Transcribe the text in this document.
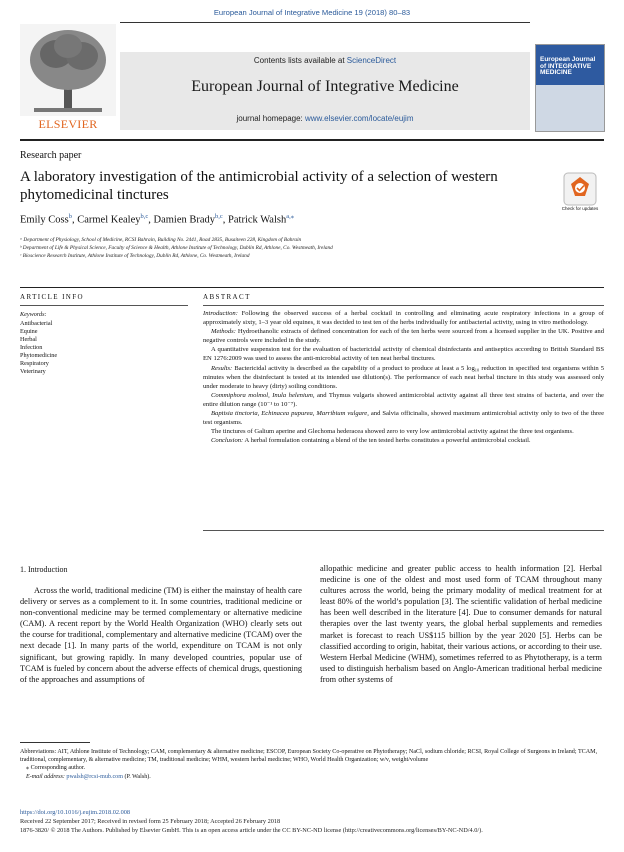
European Journal of Integrative Medicine 19 (2018) 80–83
ELSEVIER
Contents lists available at ScienceDirect
European Journal of Integrative Medicine
journal homepage: www.elsevier.com/locate/eujim
European Journal of INTEGRATIVE MEDICINE
Research paper
A laboratory investigation of the antimicrobial activity of a selection of western phytomedicinal tinctures
Check for updates
Emily Coss$^b$, Carmel Kealey$^{b,c}$, Damien Brady$^{b,c}$, Patrick Walsh$^{a,⁎}$
ᵃ Department of Physiology, School of Medicine, RCSI Bahrain, Building No. 2441, Road 2835, Busaiteen 228, Kingdom of Bahrain
ᵇ Department of Life & Physical Science, Faculty of Science & Health, Athlone Institute of Technology, Dublin Rd, Athlone, Co. Westmeath, Ireland
ᶜ Bioscience Research Institute, Athlone Institute of Technology, Dublin Rd, Athlone, Co. Westmeath, Ireland
ARTICLE INFO
Keywords:
Antibacterial
Equine
Herbal
Infection
Phytomedicine
Respiratory
Veterinary
ABSTRACT

Introduction: Following the observed success of a herbal cocktail in controlling and eliminating acute respiratory infections in a group of approximately sixty, 1–3 year old equines, it was decided to test ten of the herbs individually for antibacterial activity, using in vitro methodology.

Methods: Hydroethanolic extracts of defined concentration for each of the ten herbs were sourced from a licensed supplier in the UK. Positive and negative controls were included in the study.

A quantitative suspension test for the evaluation of bactericidal activity of chemical disinfectants and antiseptics according to British Standard BS EN 1276:2009 was used to assess the anti-microbial activity of ten neat herbal tinctures.

Results: Bactericidal activity is described as the capability of a product to produce at least a 5 log₁₀ reduction in specified test organisms within 5 minutes when the disinfectant is tested at its intended use dilution(s). The performance of each neat herbal tincture in this study was assessed only under moderate to heavy (dirty) soiling conditions.

Commiphora molmol, Inula helenium, and Thymus vulgaris showed antimicrobial activity against all three test strains of bacteria, and over the entire dilution range (10⁻¹ to 10⁻⁷).

Baptisia tinctoria, Echinacea pupurea, Marribium vulgare, and Salvia officinalis, showed maximum antimicrobial activity only to two of the three test organisms.

The tinctures of Galium aperine and Glechoma hederacea showed zero to very low antimicrobial activity against the three test organisms.

Conclusion: A herbal formulation containing a blend of the ten tested herbs constitutes a powerful antimicrobial cocktail.

1. Introduction

Across the world, traditional medicine (TM) is either the mainstay of health care delivery or serves as a complement to it. In some countries, traditional medicine or non-conventional medicine may be termed complementary or alternative medicine (CAM). A recent report by the World Health Organization (WHO) clearly sets out the course for traditional, complementary and alternative medicine (TCAM) over the next decade [1]. In many parts of the world, expenditure on TCAM is not only significant, but growing rapidly. In many developed countries, popular use of TCAM is fueled by concern about the adverse effects of chemical drugs, questioning of the approaches and assumptions of

allopathic medicine and greater public access to health information [2]. Herbal medicine is one of the oldest and most used form of TCAM throughout many cultures across the world, being the primary modality of medical treatment for at least 80% of the world’s population [3]. The scientific validation of herbal medicine has been well described in the literature [4]. Due to consumer demands for natural therapies over the last twenty years, the global herbal supplements and remedies market is forecast to reach US$115 billion by the year 2020 [5]. Herbs can be classified according to origin, habitat, their various actions, or according to their use. Western Herbal Medicine (WHM), sometimes referred to as Phytotherapy, is a term used to distinguish herbalism based on Anglo-American traditional herbal medicine from other systems of

Abbreviations: AIT, Athlone Institute of Technology; CAM, complementary & alternative medicine; ESCOP, European Society Co-operative on Phytotherapy; NaCl, sodium chloride; RCSI, Royal College of Surgeons in Ireland; TCAM, traditional, complementary, & alternative medicine; TM, traditional medicine; WHM, western herbal medicine; WHO, World Health Organization; w/v, weight/volume
⁎ Corresponding author.
E-mail address: pwalsh@rcsi-mub.com (P. Walsh).
https://doi.org/10.1016/j.eujim.2018.02.008
Received 22 September 2017; Received in revised form 25 February 2018; Accepted 26 February 2018
1876-3820/ © 2018 The Authors. Published by Elsevier GmbH. This is an open access article under the CC BY-NC-ND license (http://creativecommons.org/licenses/BY-NC-ND/4.0/).
